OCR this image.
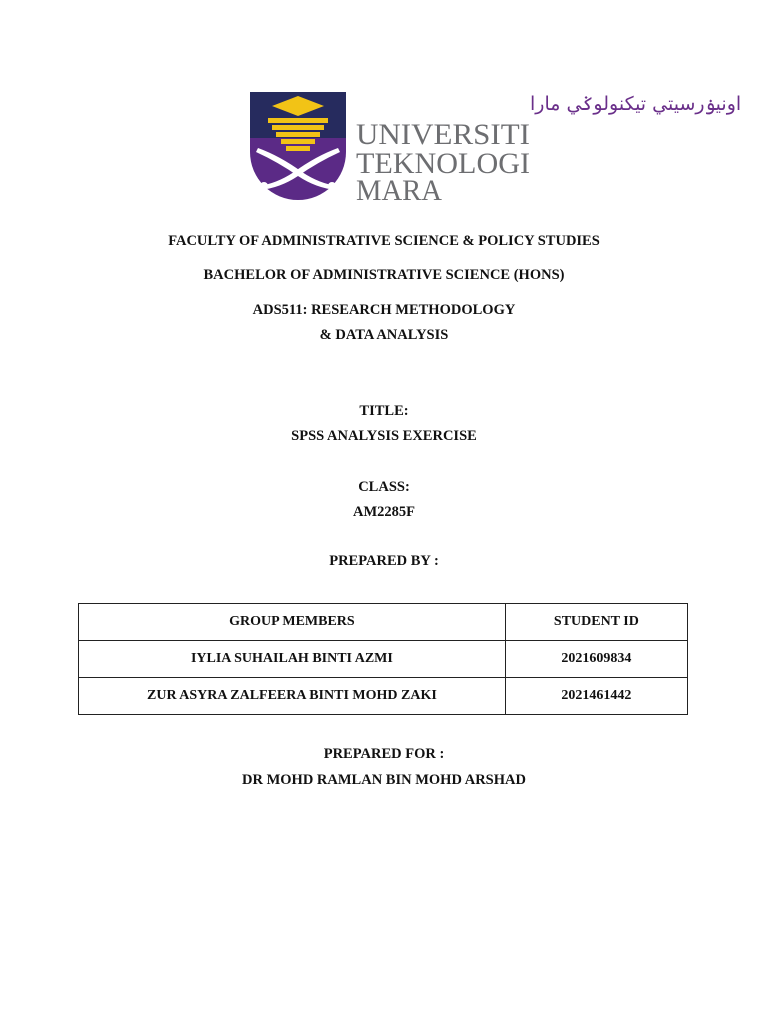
اونيۏرسيتي تيكنولوݢي مارا
UNIVERSITI
TEKNOLOGI
MARA
FACULTY OF ADMINISTRATIVE SCIENCE & POLICY STUDIES
BACHELOR OF ADMINISTRATIVE SCIENCE (HONS)
ADS511: RESEARCH METHODOLOGY
& DATA ANALYSIS
TITLE:
SPSS ANALYSIS EXERCISE
CLASS:
AM2285F
PREPARED BY :
GROUP MEMBERS	STUDENT ID
IYLIA SUHAILAH BINTI AZMI	2021609834
ZUR ASYRA ZALFEERA BINTI MOHD ZAKI	2021461442
PREPARED FOR :
DR MOHD RAMLAN BIN MOHD ARSHAD
